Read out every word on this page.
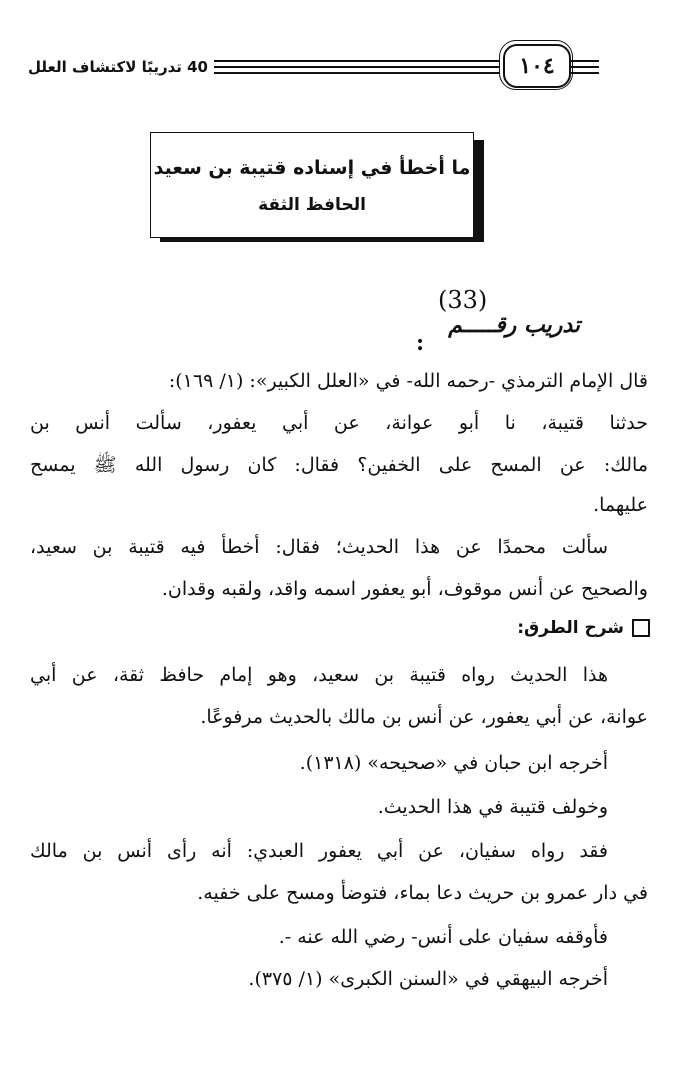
40 تدريبًا لاكتشاف العلل	١٠٤
ما أخطأ في إسناده قتيبة بن سعيد
الحافظ الثقة
(33)
تدريب رقـــــم
:
قال الإمام الترمذي -رحمه الله- في «العلل الكبير»: (١/ ١٦٩):
حدثنا قتيبة، نا أبو عوانة، عن أبي يعفور، سألت أنس بن
مالك: عن المسح على الخفين؟ فقال: كان رسول الله ﷺ يمسح
عليهما.
سألت محمدًا عن هذا الحديث؛ فقال: أخطأ فيه قتيبة بن سعيد،
والصحيح عن أنس موقوف، أبو يعفور اسمه واقد، ولقبه وقدان.
شرح الطرق:
هذا الحديث رواه قتيبة بن سعيد، وهو إمام حافظ ثقة، عن أبي
عوانة، عن أبي يعفور، عن أنس بن مالك بالحديث مرفوعًا.
أخرجه ابن حبان في «صحيحه» (١٣١٨).
وخولف قتيبة في هذا الحديث.
فقد رواه سفيان، عن أبي يعفور العبدي: أنه رأى أنس بن مالك
في دار عمرو بن حريث دعا بماء، فتوضأ ومسح على خفيه.
فأوقفه سفيان على أنس- رضي الله عنه -.
أخرجه البيهقي في «السنن الكبرى» (١/ ٣٧٥).
